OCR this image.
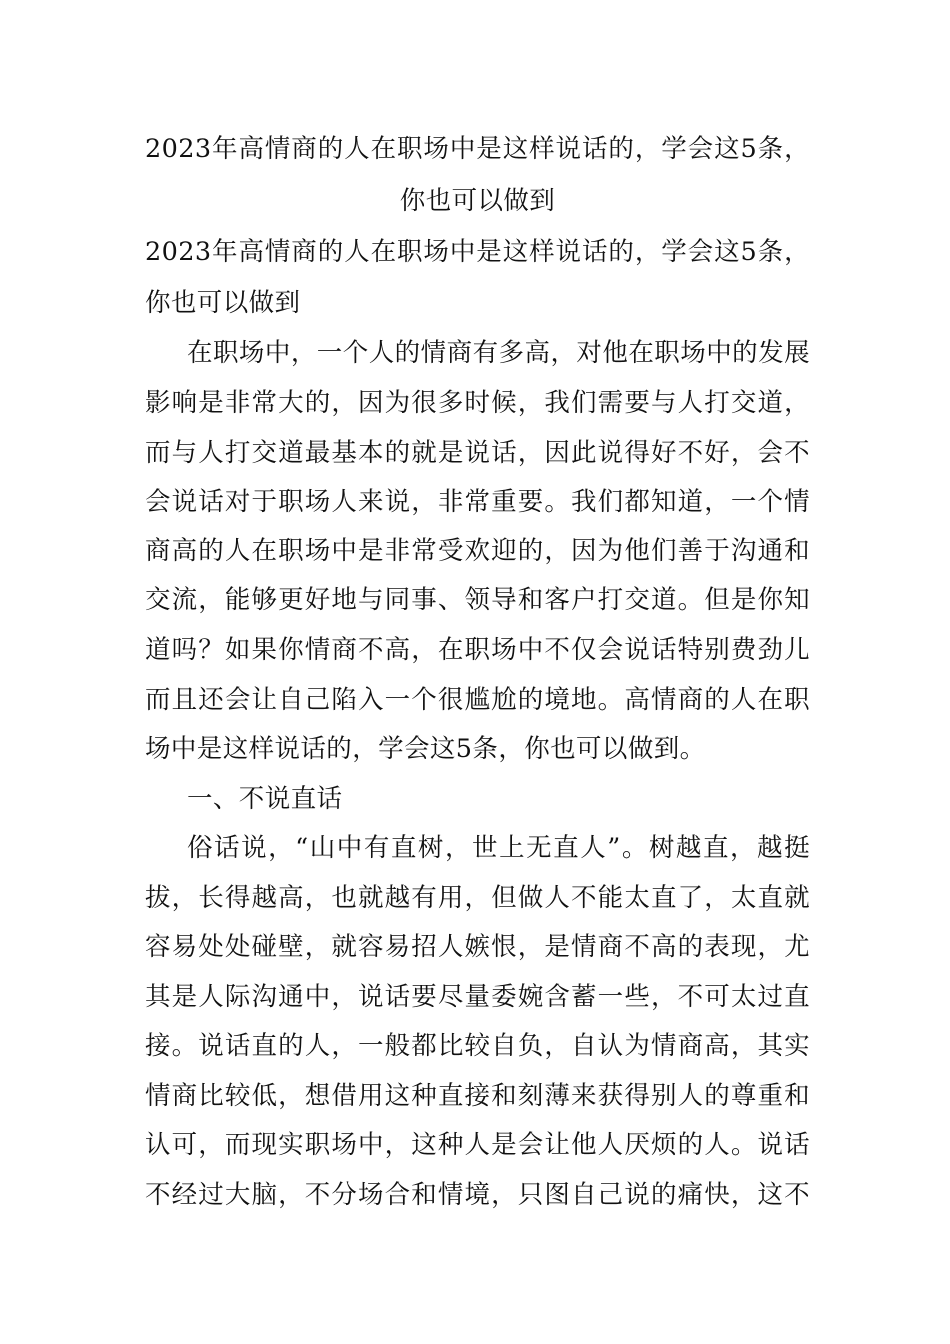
2023年高情商的人在职场中是这样说话的，学会这5条，
你也可以做到
2023年高情商的人在职场中是这样说话的，学会这5条，
你也可以做到
在职场中，一个人的情商有多高，对他在职场中的发展
影响是非常大的，因为很多时候，我们需要与人打交道，
而与人打交道最基本的就是说话，因此说得好不好，会不
会说话对于职场人来说，非常重要。我们都知道，一个情
商高的人在职场中是非常受欢迎的，因为他们善于沟通和
交流，能够更好地与同事、领导和客户打交道。但是你知
道吗？如果你情商不高，在职场中不仅会说话特别费劲儿
而且还会让自己陷入一个很尴尬的境地。高情商的人在职
场中是这样说话的，学会这5条，你也可以做到。
一、不说直话
俗话说，“山中有直树，世上无直人”。树越直，越挺
拔，长得越高，也就越有用，但做人不能太直了，太直就
容易处处碰壁，就容易招人嫉恨，是情商不高的表现，尤
其是人际沟通中，说话要尽量委婉含蓄一些，不可太过直
接。说话直的人，一般都比较自负，自认为情商高，其实
情商比较低，想借用这种直接和刻薄来获得别人的尊重和
认可，而现实职场中，这种人是会让他人厌烦的人。说话
不经过大脑，不分场合和情境，只图自己说的痛快，这不
